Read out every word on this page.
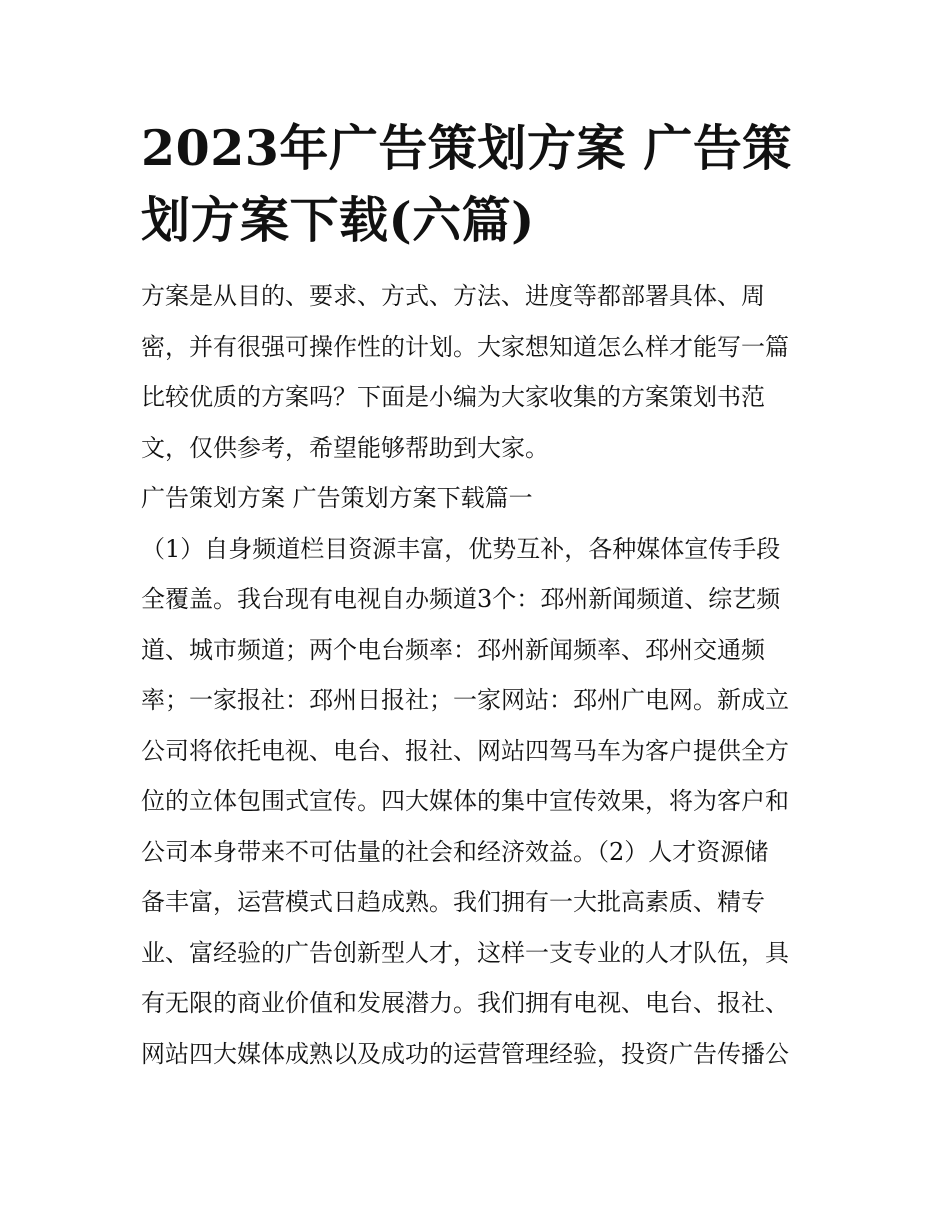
2023年广告策划方案 广告策
划方案下载(六篇)
方案是从目的、要求、方式、方法、进度等都部署具体、周
密，并有很强可操作性的计划。大家想知道怎么样才能写一篇
比较优质的方案吗？下面是小编为大家收集的方案策划书范
文，仅供参考，希望能够帮助到大家。
广告策划方案 广告策划方案下载篇一
（1）自身频道栏目资源丰富，优势互补，各种媒体宣传手段
全覆盖。我台现有电视自办频道3个：邳州新闻频道、综艺频
道、城市频道；两个电台频率：邳州新闻频率、邳州交通频
率；一家报社：邳州日报社；一家网站：邳州广电网。新成立
公司将依托电视、电台、报社、网站四驾马车为客户提供全方
位的立体包围式宣传。四大媒体的集中宣传效果，将为客户和
公司本身带来不可估量的社会和经济效益。（2）人才资源储
备丰富，运营模式日趋成熟。我们拥有一大批高素质、精专
业、富经验的广告创新型人才，这样一支专业的人才队伍，具
有无限的商业价值和发展潜力。我们拥有电视、电台、报社、
网站四大媒体成熟以及成功的运营管理经验，投资广告传播公
